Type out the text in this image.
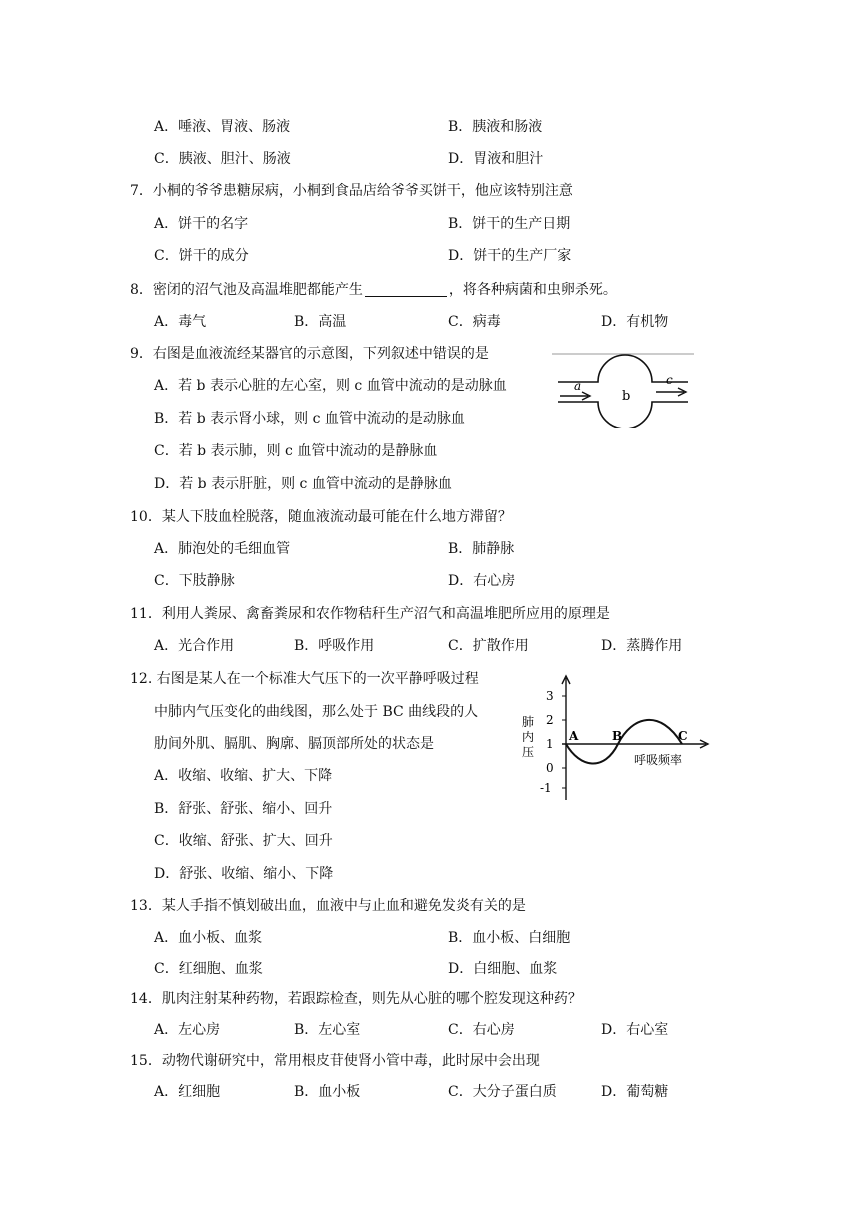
A．唾液、胃液、肠液	B．胰液和肠液
C．胰液、胆汁、肠液	D．胃液和胆汁
7．小桐的爷爷患糖尿病，小桐到食品店给爷爷买饼干，他应该特别注意
A．饼干的名字	B．饼干的生产日期
C．饼干的成分	D．饼干的生产厂家
8．密闭的沼气池及高温堆肥都能产生	，将各种病菌和虫卵杀死。
A．毒气	B．高温	C．病毒	D．有机物
9．右图是血液流经某器官的示意图，下列叙述中错误的是
A．若 b 表示心脏的左心室，则 c 血管中流动的是动脉血
B．若 b 表示肾小球，则 c 血管中流动的是动脉血
C．若 b 表示肺，则 c 血管中流动的是静脉血
D．若 b 表示肝脏，则 c 血管中流动的是静脉血
a
b
c
10．某人下肢血栓脱落，随血液流动最可能在什么地方滞留？
A．肺泡处的毛细血管	B．肺静脉
C．下肢静脉	D．右心房
11．利用人粪尿、禽畜粪尿和农作物秸秆生产沼气和高温堆肥所应用的原理是
A．光合作用	B．呼吸作用	C．扩散作用	D．蒸腾作用
12. 右图是某人在一个标准大气压下的一次平静呼吸过程
中肺内气压变化的曲线图，那么处于 BC 曲线段的人
肋间外肌、膈肌、胸廓、膈顶部所处的状态是
A．收缩、收缩、扩大、下降
B．舒张、舒张、缩小、回升
C．收缩、舒张、扩大、回升
D．舒张、收缩、缩小、下降
3
2
1
0
-1
肺内压
A	B	C
呼吸频率
13．某人手指不慎划破出血，血液中与止血和避免发炎有关的是
A．血小板、血浆	B．血小板、白细胞
C．红细胞、血浆	D．白细胞、血浆
14．肌肉注射某种药物，若跟踪检查，则先从心脏的哪个腔发现这种药？
A．左心房	B．左心室	C．右心房	D．右心室
15．动物代谢研究中，常用根皮苷使肾小管中毒，此时尿中会出现
A．红细胞	B．血小板	C．大分子蛋白质	D．葡萄糖
